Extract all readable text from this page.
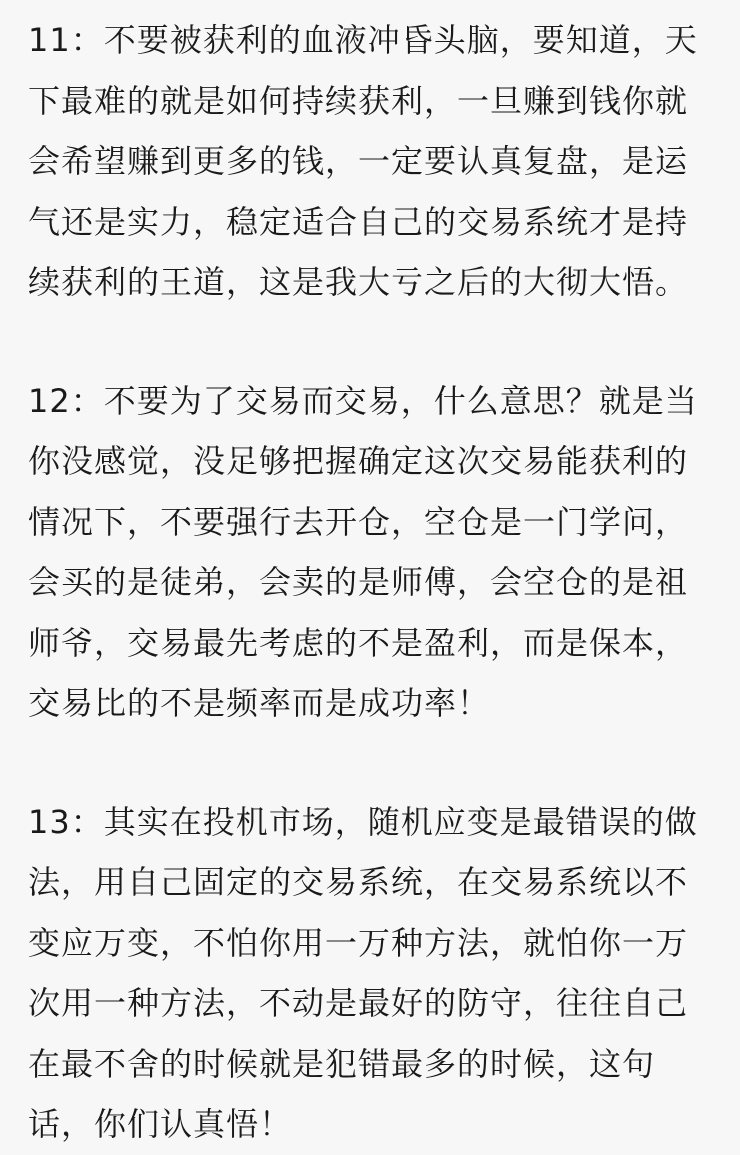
11：不要被获利的血液冲昏头脑，要知道，天下最难的就是如何持续获利，一旦赚到钱你就会希望赚到更多的钱，一定要认真复盘，是运气还是实力，稳定适合自己的交易系统才是持续获利的王道，这是我大亏之后的大彻大悟。

12：不要为了交易而交易，什么意思？就是当你没感觉，没足够把握确定这次交易能获利的情况下，不要强行去开仓，空仓是一门学问，会买的是徒弟，会卖的是师傅，会空仓的是祖师爷，交易最先考虑的不是盈利，而是保本，交易比的不是频率而是成功率！

13：其实在投机市场，随机应变是最错误的做法，用自己固定的交易系统，在交易系统以不变应万变，不怕你用一万种方法，就怕你一万次用一种方法，不动是最好的防守，往往自己在最不舍的时候就是犯错最多的时候，这句话，你们认真悟！
